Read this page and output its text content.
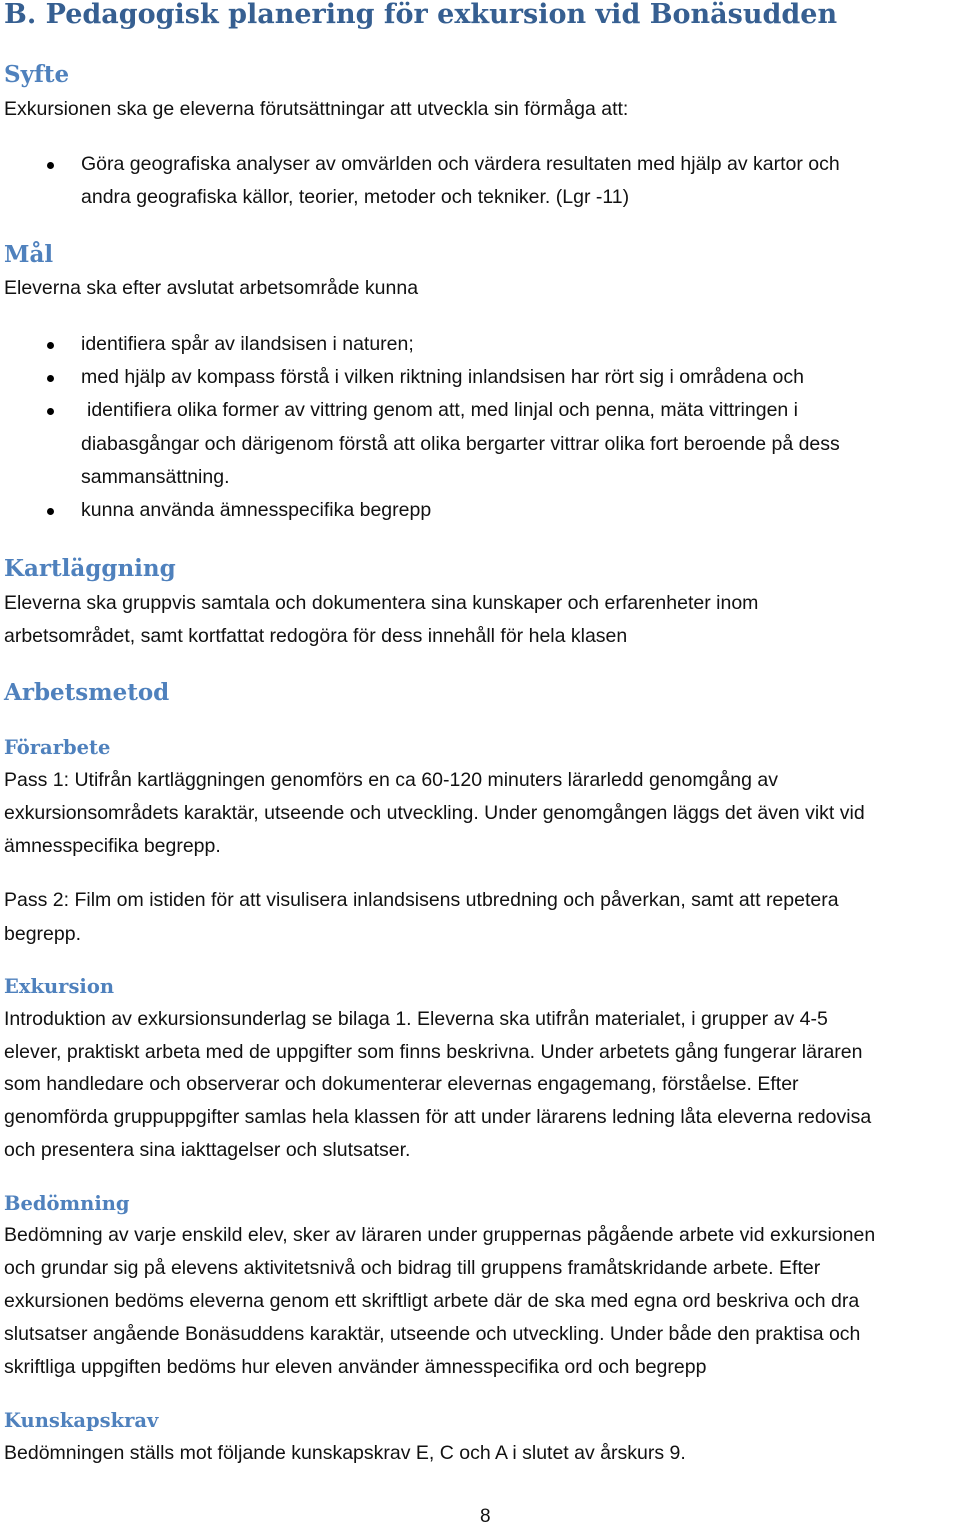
B. Pedagogisk planering för exkursion vid Bonäsudden
Syfte
Exkursionen ska ge eleverna förutsättningar att utveckla sin förmåga att:
Göra geografiska analyser av omvärlden och värdera resultaten med hjälp av kartor och
andra geografiska källor, teorier, metoder och tekniker. (Lgr -11)
Mål
Eleverna ska efter avslutat arbetsområde kunna
identifiera spår av ilandsisen i naturen;
med hjälp av kompass förstå i vilken riktning inlandsisen har rört sig i områdena och
identifiera olika former av vittring genom att, med linjal och penna, mäta vittringen i
diabasgångar och därigenom förstå att olika bergarter vittrar olika fort beroende på dess
sammansättning.
kunna använda ämnesspecifika begrepp
Kartläggning
Eleverna ska gruppvis samtala och dokumentera sina kunskaper och erfarenheter inom
arbetsområdet, samt kortfattat redogöra för dess innehåll för hela klasen
Arbetsmetod
Förarbete
Pass 1: Utifrån kartläggningen genomförs en ca 60-120 minuters lärarledd genomgång av
exkursionsområdets karaktär, utseende och utveckling. Under genomgången läggs det även vikt vid
ämnesspecifika begrepp.
Pass 2: Film om istiden för att visulisera inlandsisens utbredning och påverkan, samt att repetera
begrepp.
Exkursion
Introduktion av exkursionsunderlag se bilaga 1. Eleverna ska utifrån materialet, i grupper av 4-5
elever, praktiskt arbeta med de uppgifter som finns beskrivna. Under arbetets gång fungerar läraren
som handledare och observerar och dokumenterar elevernas engagemang, förståelse. Efter
genomförda gruppuppgifter samlas hela klassen för att under lärarens ledning låta eleverna redovisa
och presentera sina iakttagelser och slutsatser.
Bedömning
Bedömning av varje enskild elev, sker av läraren under gruppernas pågående arbete vid exkursionen
och grundar sig på elevens aktivitetsnivå och bidrag till gruppens framåtskridande arbete. Efter
exkursionen bedöms eleverna genom ett skriftligt arbete där de ska med egna ord beskriva och dra
slutsatser angående Bonäsuddens karaktär, utseende och utveckling. Under både den praktisa och
skriftliga uppgiften bedöms hur eleven använder ämnesspecifika ord och begrepp
Kunskapskrav
Bedömningen ställs mot följande kunskapskrav E, C och A i slutet av årskurs 9.
8
